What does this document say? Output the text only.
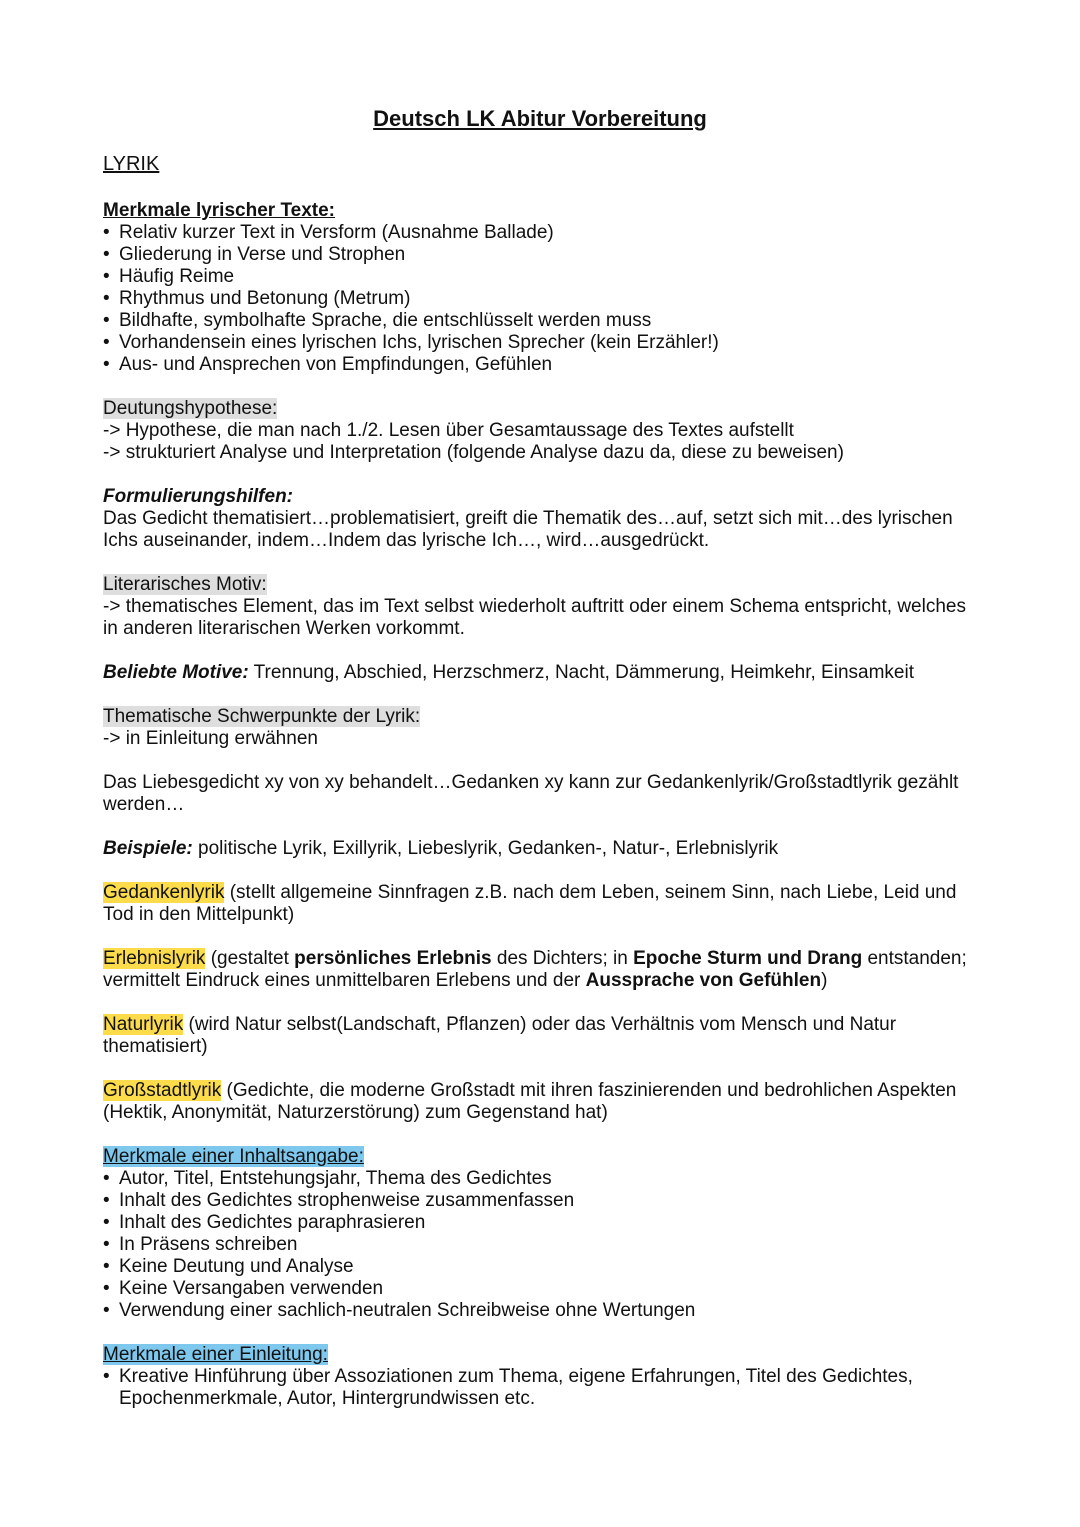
Deutsch LK Abitur Vorbereitung
LYRIK
Merkmale lyrischer Texte:
• Relativ kurzer Text in Versform (Ausnahme Ballade)
• Gliederung in Verse und Strophen
• Häufig Reime
• Rhythmus und Betonung (Metrum)
• Bildhafte, symbolhafte Sprache, die entschlüsselt werden muss
• Vorhandensein eines lyrischen Ichs, lyrischen Sprecher (kein Erzähler!)
• Aus- und Ansprechen von Empfindungen, Gefühlen
Deutungshypothese:

-> Hypothese, die man nach 1./2. Lesen über Gesamtaussage des Textes aufstellt

-> strukturiert Analyse und Interpretation (folgende Analyse dazu da, diese zu beweisen)

Formulierungshilfen:

Das Gedicht thematisiert…problematisiert, greift die Thematik des…auf, setzt sich mit…des lyrischen Ichs auseinander, indem…Indem das lyrische Ich…, wird…ausgedrückt.

Literarisches Motiv:

-> thematisches Element, das im Text selbst wiederholt auftritt oder einem Schema entspricht, welches in anderen literarischen Werken vorkommt.

Beliebte Motive: Trennung, Abschied, Herzschmerz, Nacht, Dämmerung, Heimkehr, Einsamkeit

Thematische Schwerpunkte der Lyrik:

-> in Einleitung erwähnen

Das Liebesgedicht xy von xy behandelt…Gedanken xy kann zur Gedankenlyrik/Großstadtlyrik gezählt werden…

Beispiele: politische Lyrik, Exillyrik, Liebeslyrik, Gedanken-, Natur-, Erlebnislyrik

Gedankenlyrik (stellt allgemeine Sinnfragen z.B. nach dem Leben, seinem Sinn, nach Liebe, Leid und Tod in den Mittelpunkt)

Erlebnislyrik (gestaltet persönliches Erlebnis des Dichters; in Epoche Sturm und Drang entstanden; vermittelt Eindruck eines unmittelbaren Erlebens und der Aussprache von Gefühlen)

Naturlyrik (wird Natur selbst(Landschaft, Pflanzen) oder das Verhältnis vom Mensch und Natur thematisiert)

Großstadtlyrik (Gedichte, die moderne Großstadt mit ihren faszinierenden und bedrohlichen Aspekten (Hektik, Anonymität, Naturzerstörung) zum Gegenstand hat)

Merkmale einer Inhaltsangabe:
• Autor, Titel, Entstehungsjahr, Thema des Gedichtes
• Inhalt des Gedichtes strophenweise zusammenfassen
• Inhalt des Gedichtes paraphrasieren
• In Präsens schreiben
• Keine Deutung und Analyse
• Keine Versangaben verwenden
• Verwendung einer sachlich-neutralen Schreibweise ohne Wertungen
Merkmale einer Einleitung:
• Kreative Hinführung über Assoziationen zum Thema, eigene Erfahrungen, Titel des Gedichtes, Epochenmerkmale, Autor, Hintergrundwissen etc.
